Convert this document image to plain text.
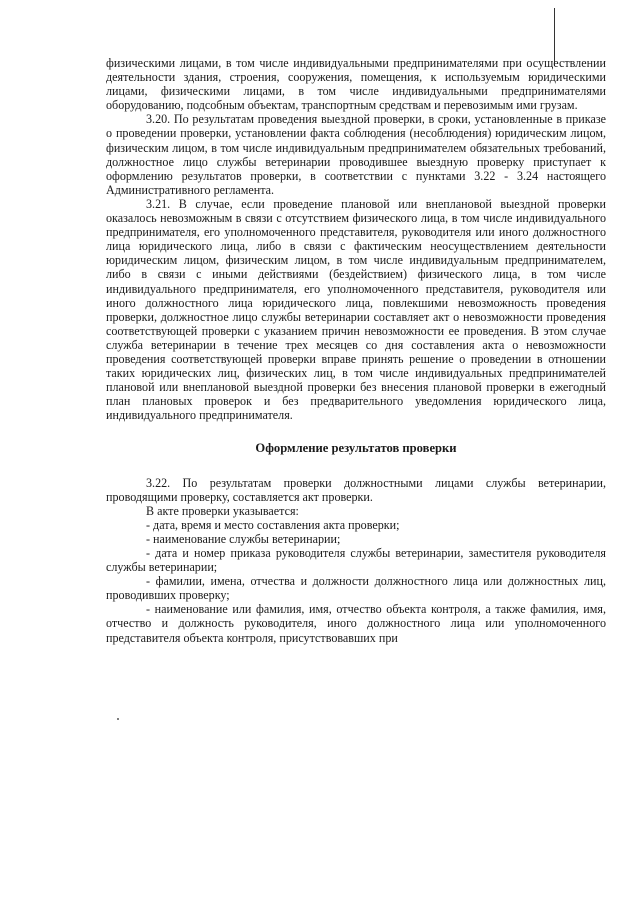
физическими лицами, в том числе индивидуальными предпринимателями при осуществлении деятельности здания, строения, сооружения, помещения, к используемым юридическими лицами, физическими лицами, в том числе индивидуальными предпринимателями оборудованию, подсобным объектам, транспортным средствам и перевозимым ими грузам.

3.20. По результатам проведения выездной проверки, в сроки, установленные в приказе о проведении проверки, установлении факта соблюдения (несоблюдения) юридическим лицом, физическим лицом, в том числе индивидуальным предпринимателем обязательных требований, должностное лицо службы ветеринарии проводившее выездную проверку приступает к оформлению результатов проверки, в соответствии с пунктами 3.22 - 3.24 настоящего Административного регламента.

3.21. В случае, если проведение плановой или внеплановой выездной проверки оказалось невозможным в связи с отсутствием физического лица, в том числе индивидуального предпринимателя, его уполномоченного представителя, руководителя или иного должностного лица юридического лица, либо в связи с фактическим неосуществлением деятельности юридическим лицом, физическим лицом, в том числе индивидуальным предпринимателем, либо в связи с иными действиями (бездействием) физического лица, в том числе индивидуального предпринимателя, его уполномоченного представителя, руководителя или иного должностного лица юридического лица, повлекшими невозможность проведения проверки, должностное лицо службы ветеринарии составляет акт о невозможности проведения соответствующей проверки с указанием причин невозможности ее проведения. В этом случае служба ветеринарии в течение трех месяцев со дня составления акта о невозможности проведения соответствующей проверки вправе принять решение о проведении в отношении таких юридических лиц, физических лиц, в том числе индивидуальных предпринимателей плановой или внеплановой выездной проверки без внесения плановой проверки в ежегодный план плановых проверок и без предварительного уведомления юридического лица, индивидуального предпринимателя.

Оформление результатов проверки

3.22. По результатам проверки должностными лицами службы ветеринарии, проводящими проверку, составляется акт проверки.

В акте проверки указывается:

- дата, время и место составления акта проверки;

- наименование службы ветеринарии;

- дата и номер приказа руководителя службы ветеринарии, заместителя руководителя службы ветеринарии;

- фамилии, имена, отчества и должности должностного лица или должностных лиц, проводивших проверку;

- наименование или фамилия, имя, отчество объекта контроля, а также фамилия, имя, отчество и должность руководителя, иного должностного лица или уполномоченного представителя объекта контроля, присутствовавших при
